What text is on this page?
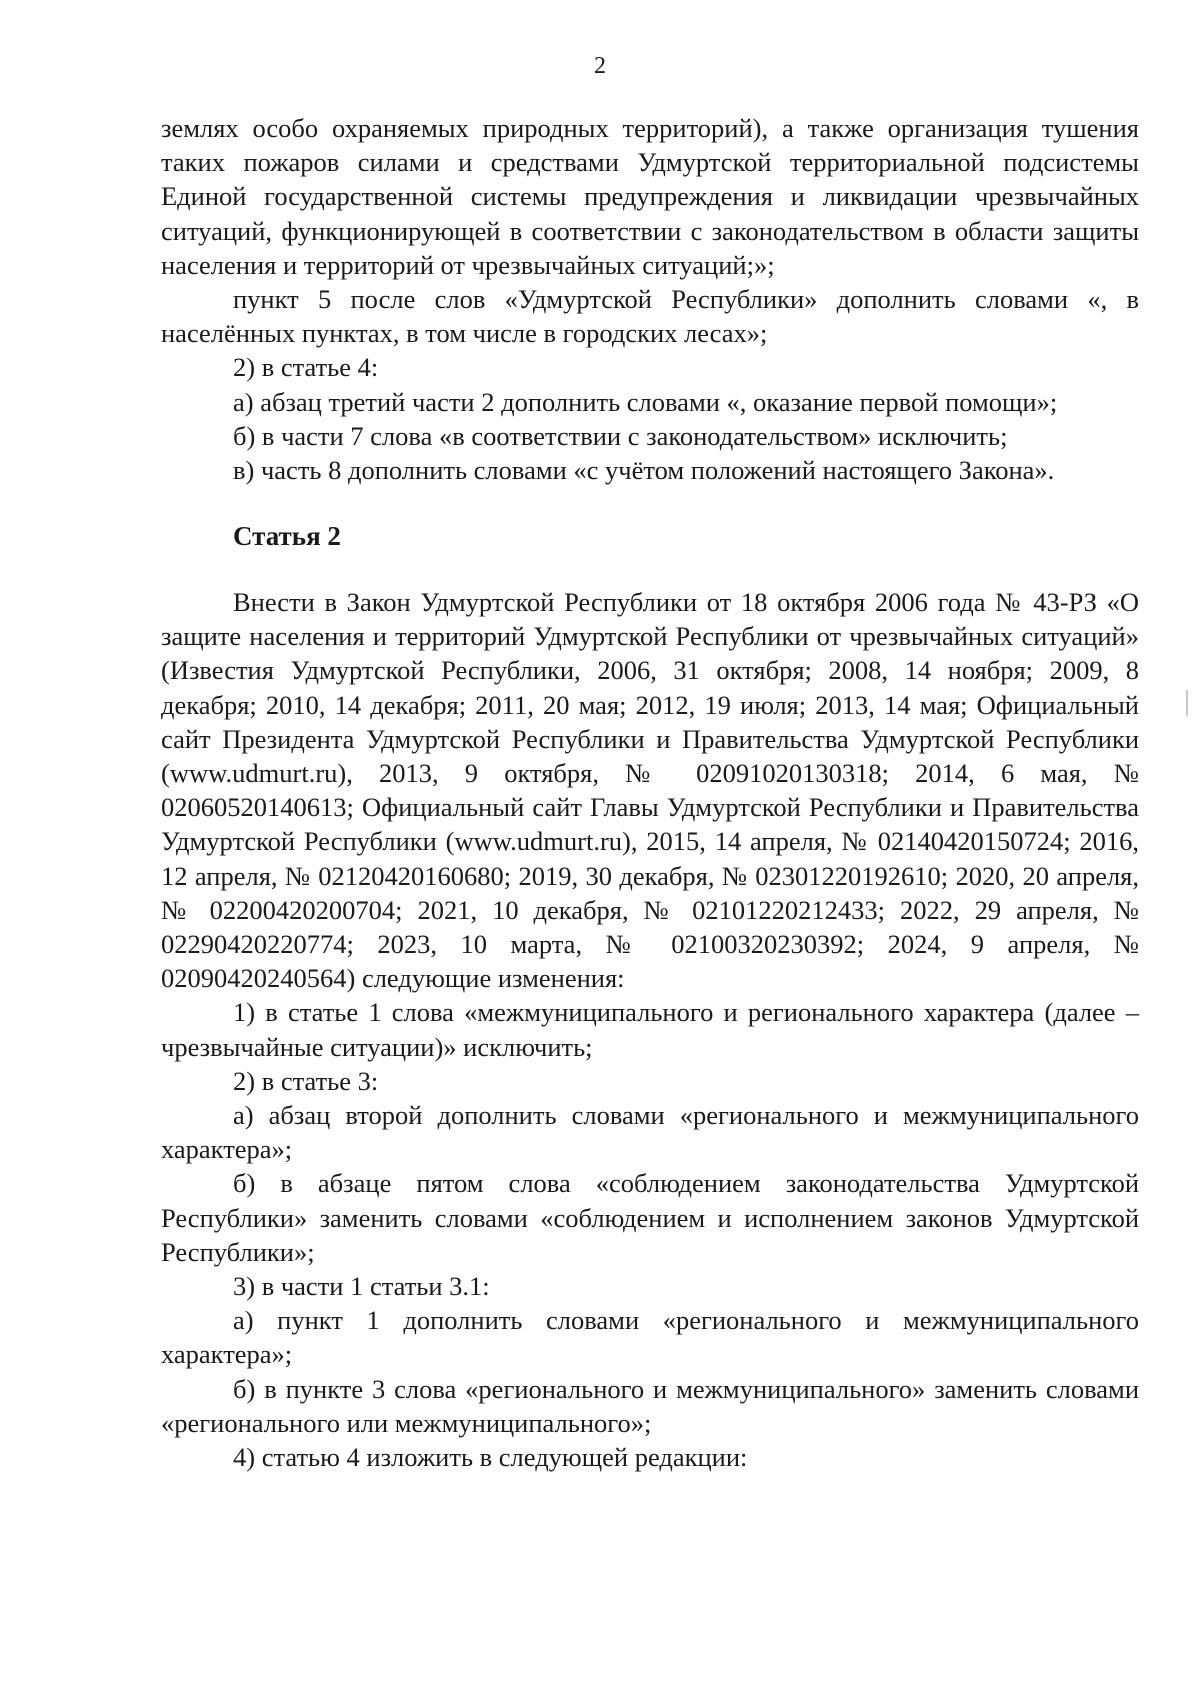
2

землях особо охраняемых природных территорий), а также организация тушения таких пожаров силами и средствами Удмуртской территориальной подсистемы Единой государственной системы предупреждения и ликвидации чрезвычайных ситуаций, функционирующей в соответствии с законодательством в области защиты населения и территорий от чрезвычайных ситуаций;»;

пункт 5 после слов «Удмуртской Республики» дополнить словами «, в населённых пунктах, в том числе в городских лесах»;

2) в статье 4:

а) абзац третий части 2 дополнить словами «, оказание первой помощи»;

б) в части 7 слова «в соответствии с законодательством» исключить;

в) часть 8 дополнить словами «с учётом положений настоящего Закона».

Статья 2

Внести в Закон Удмуртской Республики от 18 октября 2006 года № 43-РЗ «О защите населения и территорий Удмуртской Республики от чрезвычайных ситуаций» (Известия Удмуртской Республики, 2006, 31 октября; 2008, 14 ноября; 2009, 8 декабря; 2010, 14 декабря; 2011, 20 мая; 2012, 19 июля; 2013, 14 мая; Официальный сайт Президента Удмуртской Республики и Правительства Удмуртской Республики (www.udmurt.ru), 2013, 9 октября, № 02091020130318; 2014, 6 мая, № 02060520140613; Официальный сайт Главы Удмуртской Республики и Правительства Удмуртской Республики (www.udmurt.ru), 2015, 14 апреля, № 02140420150724; 2016, 12 апреля, № 02120420160680; 2019, 30 декабря, № 02301220192610; 2020, 20 апреля, № 02200420200704; 2021, 10 декабря, № 02101220212433; 2022, 29 апреля, № 02290420220774; 2023, 10 марта, № 02100320230392; 2024, 9 апреля, № 02090420240564) следующие изменения:

1) в статье 1 слова «межмуниципального и регионального характера (далее – чрезвычайные ситуации)» исключить;

2) в статье 3:

а) абзац второй дополнить словами «регионального и межмуниципального характера»;

б) в абзаце пятом слова «соблюдением законодательства Удмуртской Республики» заменить словами «соблюдением и исполнением законов Удмуртской Республики»;

3) в части 1 статьи 3.1:

а) пункт 1 дополнить словами «регионального и межмуниципального характера»;

б) в пункте 3 слова «регионального и межмуниципального» заменить словами «регионального или межмуниципального»;

4) статью 4 изложить в следующей редакции:
